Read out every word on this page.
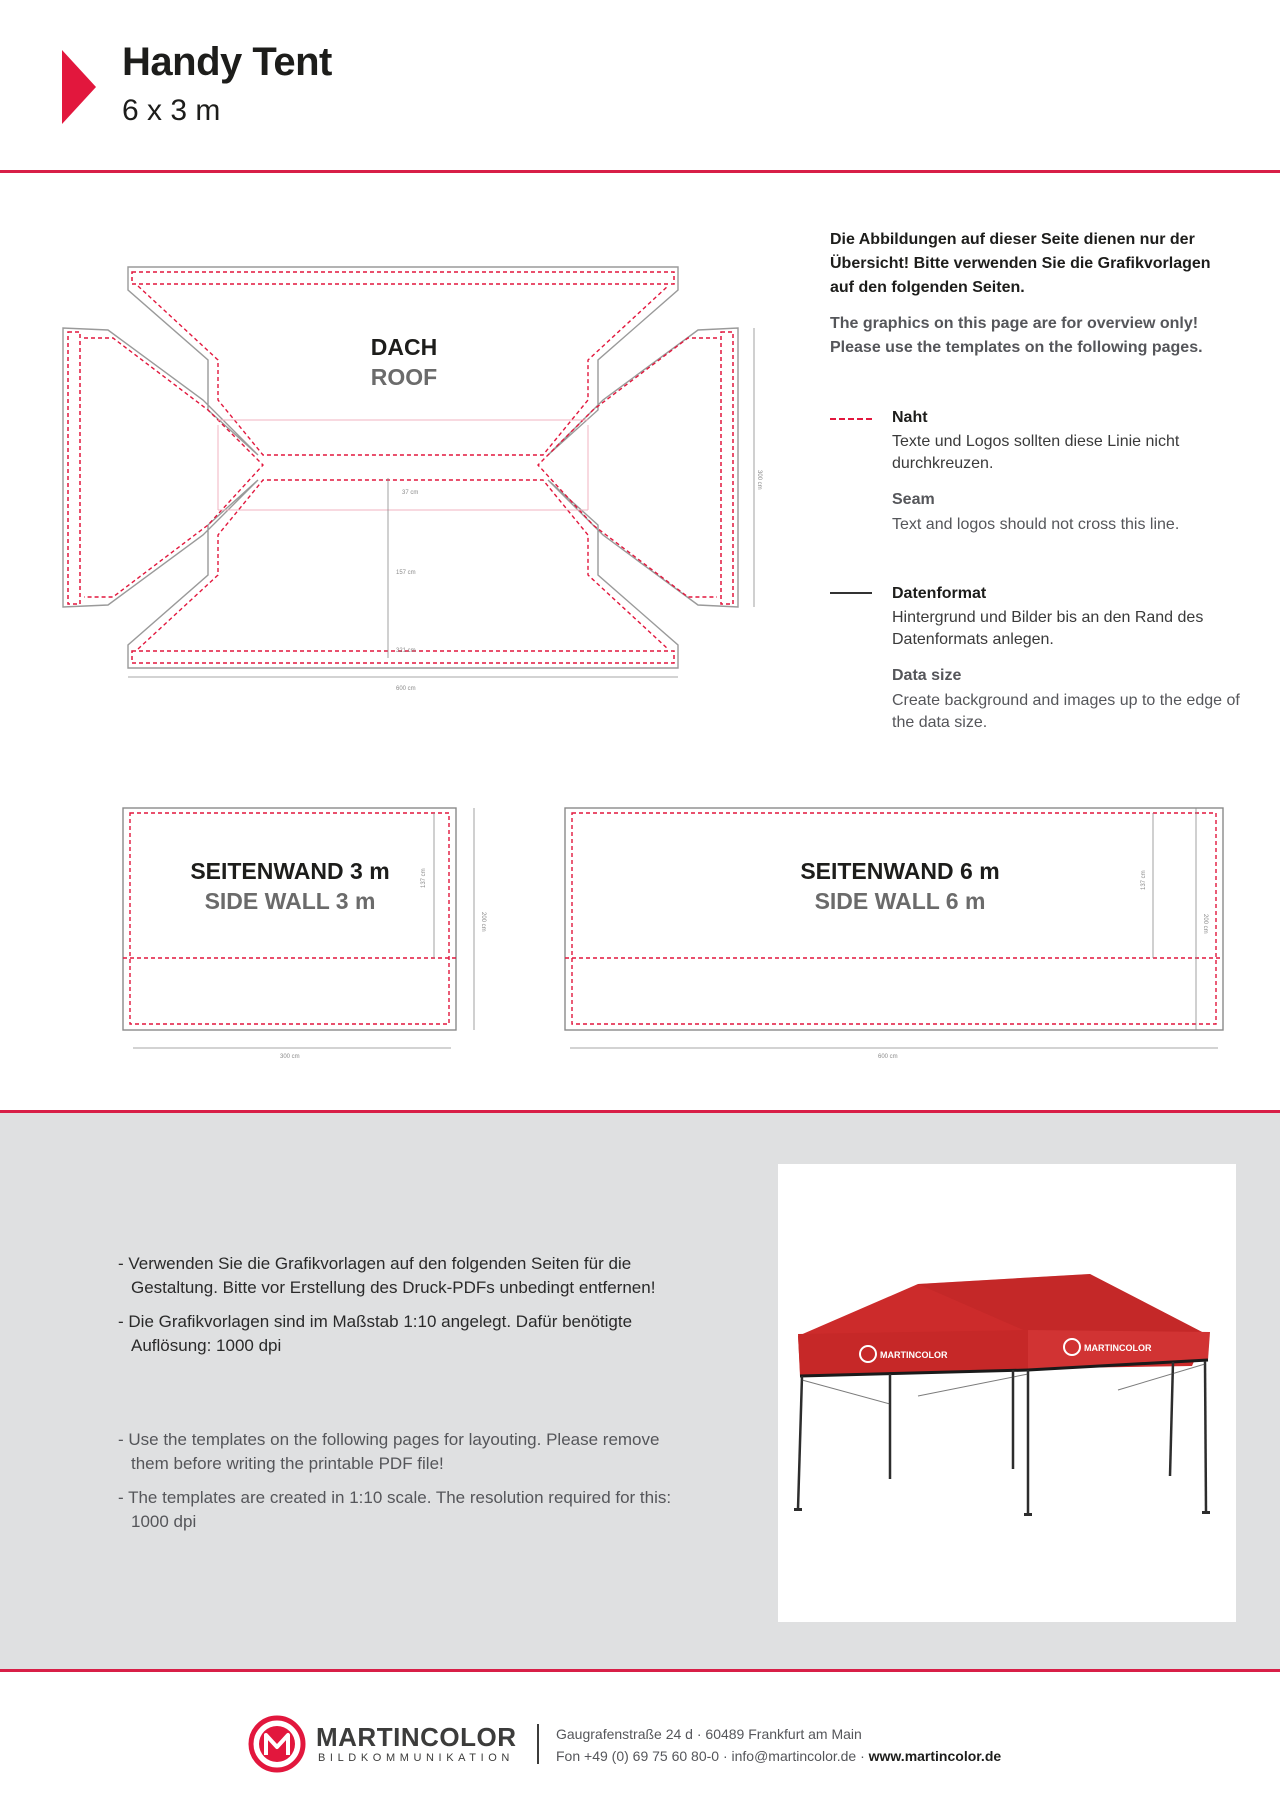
Handy Tent
6 x 3 m
37 cm
157 cm
321 cm
600 cm
300 cm
DACH
ROOF
Die Abbildungen auf dieser Seite dienen nur der Übersicht! Bitte verwenden Sie die Grafikvorlagen auf den folgenden Seiten.
The graphics on this page are for overview only! Please use the templates on the following pages.
Naht
Texte und Logos sollten diese Linie nicht durchkreuzen.
Seam
Text and logos should not cross this line.
Datenformat
Hintergrund und Bilder bis an den Rand des Datenformats anlegen.
Data size
Create background and images up to the edge of the data size.
137 cm
200 cm
300 cm
SEITENWAND 3 m
SIDE WALL 3 m
137 cm
200 cm
600 cm
SEITENWAND 6 m
SIDE WALL 6 m
- Verwenden Sie die Grafikvorlagen auf den folgenden Seiten für die Gestaltung. Bitte vor Erstellung des Druck-PDFs unbedingt entfernen!
- Die Grafikvorlagen sind im Maßstab 1:10 angelegt. Dafür benötigte Auflösung: 1000 dpi
- Use the templates on the following pages for layouting. Please remove them before writing the printable PDF file!
- The templates are created in 1:10 scale. The resolution required for this: 1000 dpi
MARTINCOLOR
MARTINCOLOR
MARTINCOLOR
BILDKOMMUNIKATION
Gaugrafenstraße 24 d · 60489 Frankfurt am Main
Fon +49 (0) 69 75 60 80-0 · info@martincolor.de · www.martincolor.de
